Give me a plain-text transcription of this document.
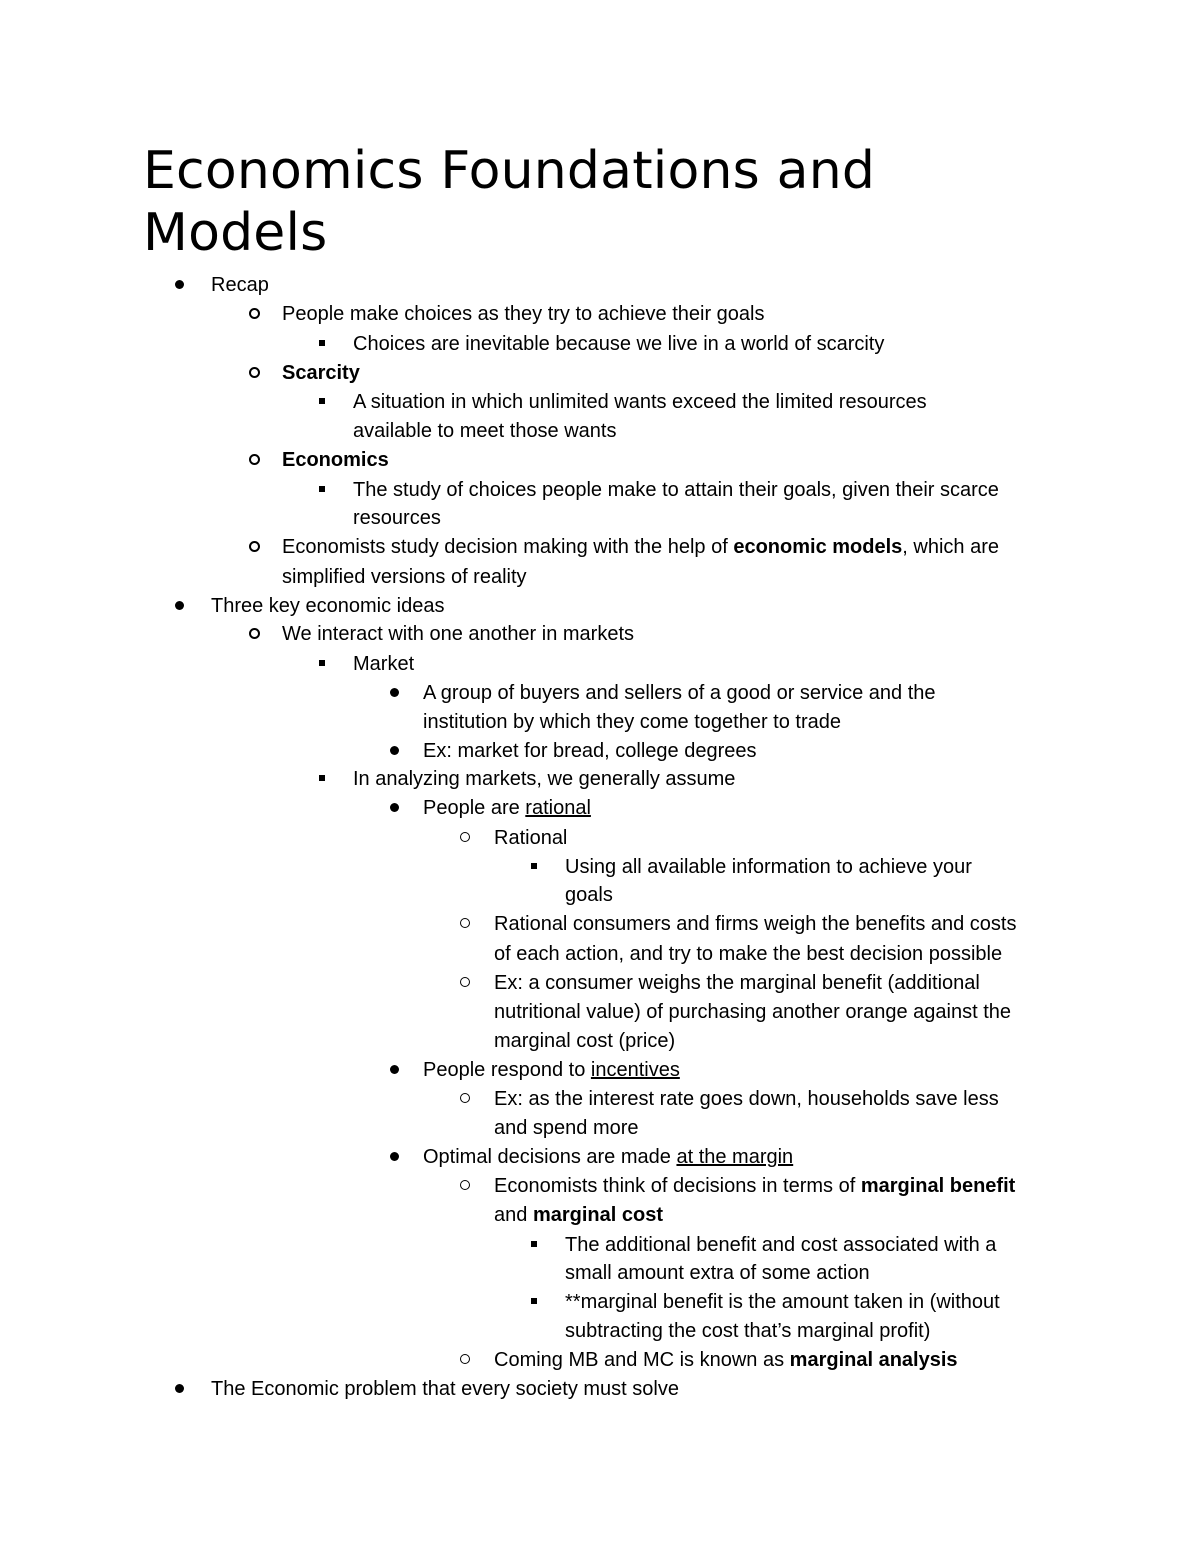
Economics Foundations and
Models
Recap
People make choices as they try to achieve their goals
Choices are inevitable because we live in a world of scarcity
Scarcity
A situation in which unlimited wants exceed the limited resources
available to meet those wants
Economics
The study of choices people make to attain their goals, given their scarce
resources
Economists study decision making with the help of economic models, which are
simplified versions of reality
Three key economic ideas
We interact with one another in markets
Market
A group of buyers and sellers of a good or service and the
institution by which they come together to trade
Ex: market for bread, college degrees
In analyzing markets, we generally assume
People are rational
Rational
Using all available information to achieve your
goals
Rational consumers and firms weigh the benefits and costs
of each action, and try to make the best decision possible
Ex: a consumer weighs the marginal benefit (additional
nutritional value) of purchasing another orange against the
marginal cost (price)
People respond to incentives
Ex: as the interest rate goes down, households save less
and spend more
Optimal decisions are made at the margin
Economists think of decisions in terms of marginal benefit
and marginal cost
The additional benefit and cost associated with a
small amount extra of some action
**marginal benefit is the amount taken in (without
subtracting the cost that’s marginal profit)
Coming MB and MC is known as marginal analysis
The Economic problem that every society must solve
